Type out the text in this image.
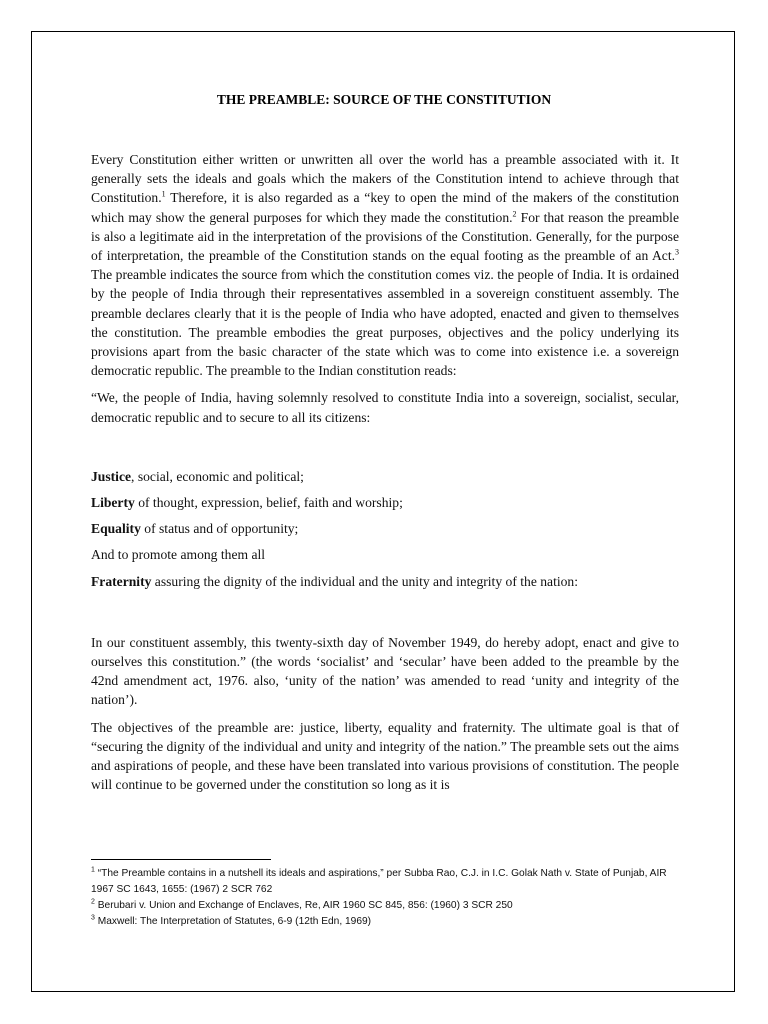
THE PREAMBLE: SOURCE OF THE CONSTITUTION

Every Constitution either written or unwritten all over the world has a preamble associated with it. It generally sets the ideals and goals which the makers of the Constitution intend to achieve through that Constitution.$^1$ Therefore, it is also regarded as a “key to open the mind of the makers of the constitution which may show the general purposes for which they made the constitution.$^2$ For that reason the preamble is also a legitimate aid in the interpretation of the provisions of the Constitution. Generally, for the purpose of interpretation, the preamble of the Constitution stands on the equal footing as the preamble of an Act.$^3$ The preamble indicates the source from which the constitution comes viz. the people of India. It is ordained by the people of India through their representatives assembled in a sovereign constituent assembly. The preamble declares clearly that it is the people of India who have adopted, enacted and given to themselves the constitution. The preamble embodies the great purposes, objectives and the policy underlying its provisions apart from the basic character of the state which was to come into existence i.e. a sovereign democratic republic. The preamble to the Indian constitution reads:

“We, the people of India, having solemnly resolved to constitute India into a sovereign, socialist, secular, democratic republic and to secure to all its citizens:

Justice, social, economic and political;

Liberty of thought, expression, belief, faith and worship;

Equality of status and of opportunity;

And to promote among them all

Fraternity assuring the dignity of the individual and the unity and integrity of the nation:

In our constituent assembly, this twenty-sixth day of November 1949, do hereby adopt, enact and give to ourselves this constitution.” (the words ‘socialist’ and ‘secular’ have been added to the preamble by the 42nd amendment act, 1976. also, ‘unity of the nation’ was amended to read ‘unity and integrity of the nation’).

The objectives of the preamble are: justice, liberty, equality and fraternity. The ultimate goal is that of “securing the dignity of the individual and unity and integrity of the nation.” The preamble sets out the aims and aspirations of people, and these have been translated into various provisions of constitution. The people will continue to be governed under the constitution so long as it is

$^1$ “The Preamble contains in a nutshell its ideals and aspirations,” per Subba Rao, C.J. in I.C. Golak Nath v. State of Punjab, AIR 1967 SC 1643, 1655: (1967) 2 SCR 762

$^2$ Berubari v. Union and Exchange of Enclaves, Re, AIR 1960 SC 845, 856: (1960) 3 SCR 250

$^3$ Maxwell: The Interpretation of Statutes, 6-9 (12th Edn, 1969)
